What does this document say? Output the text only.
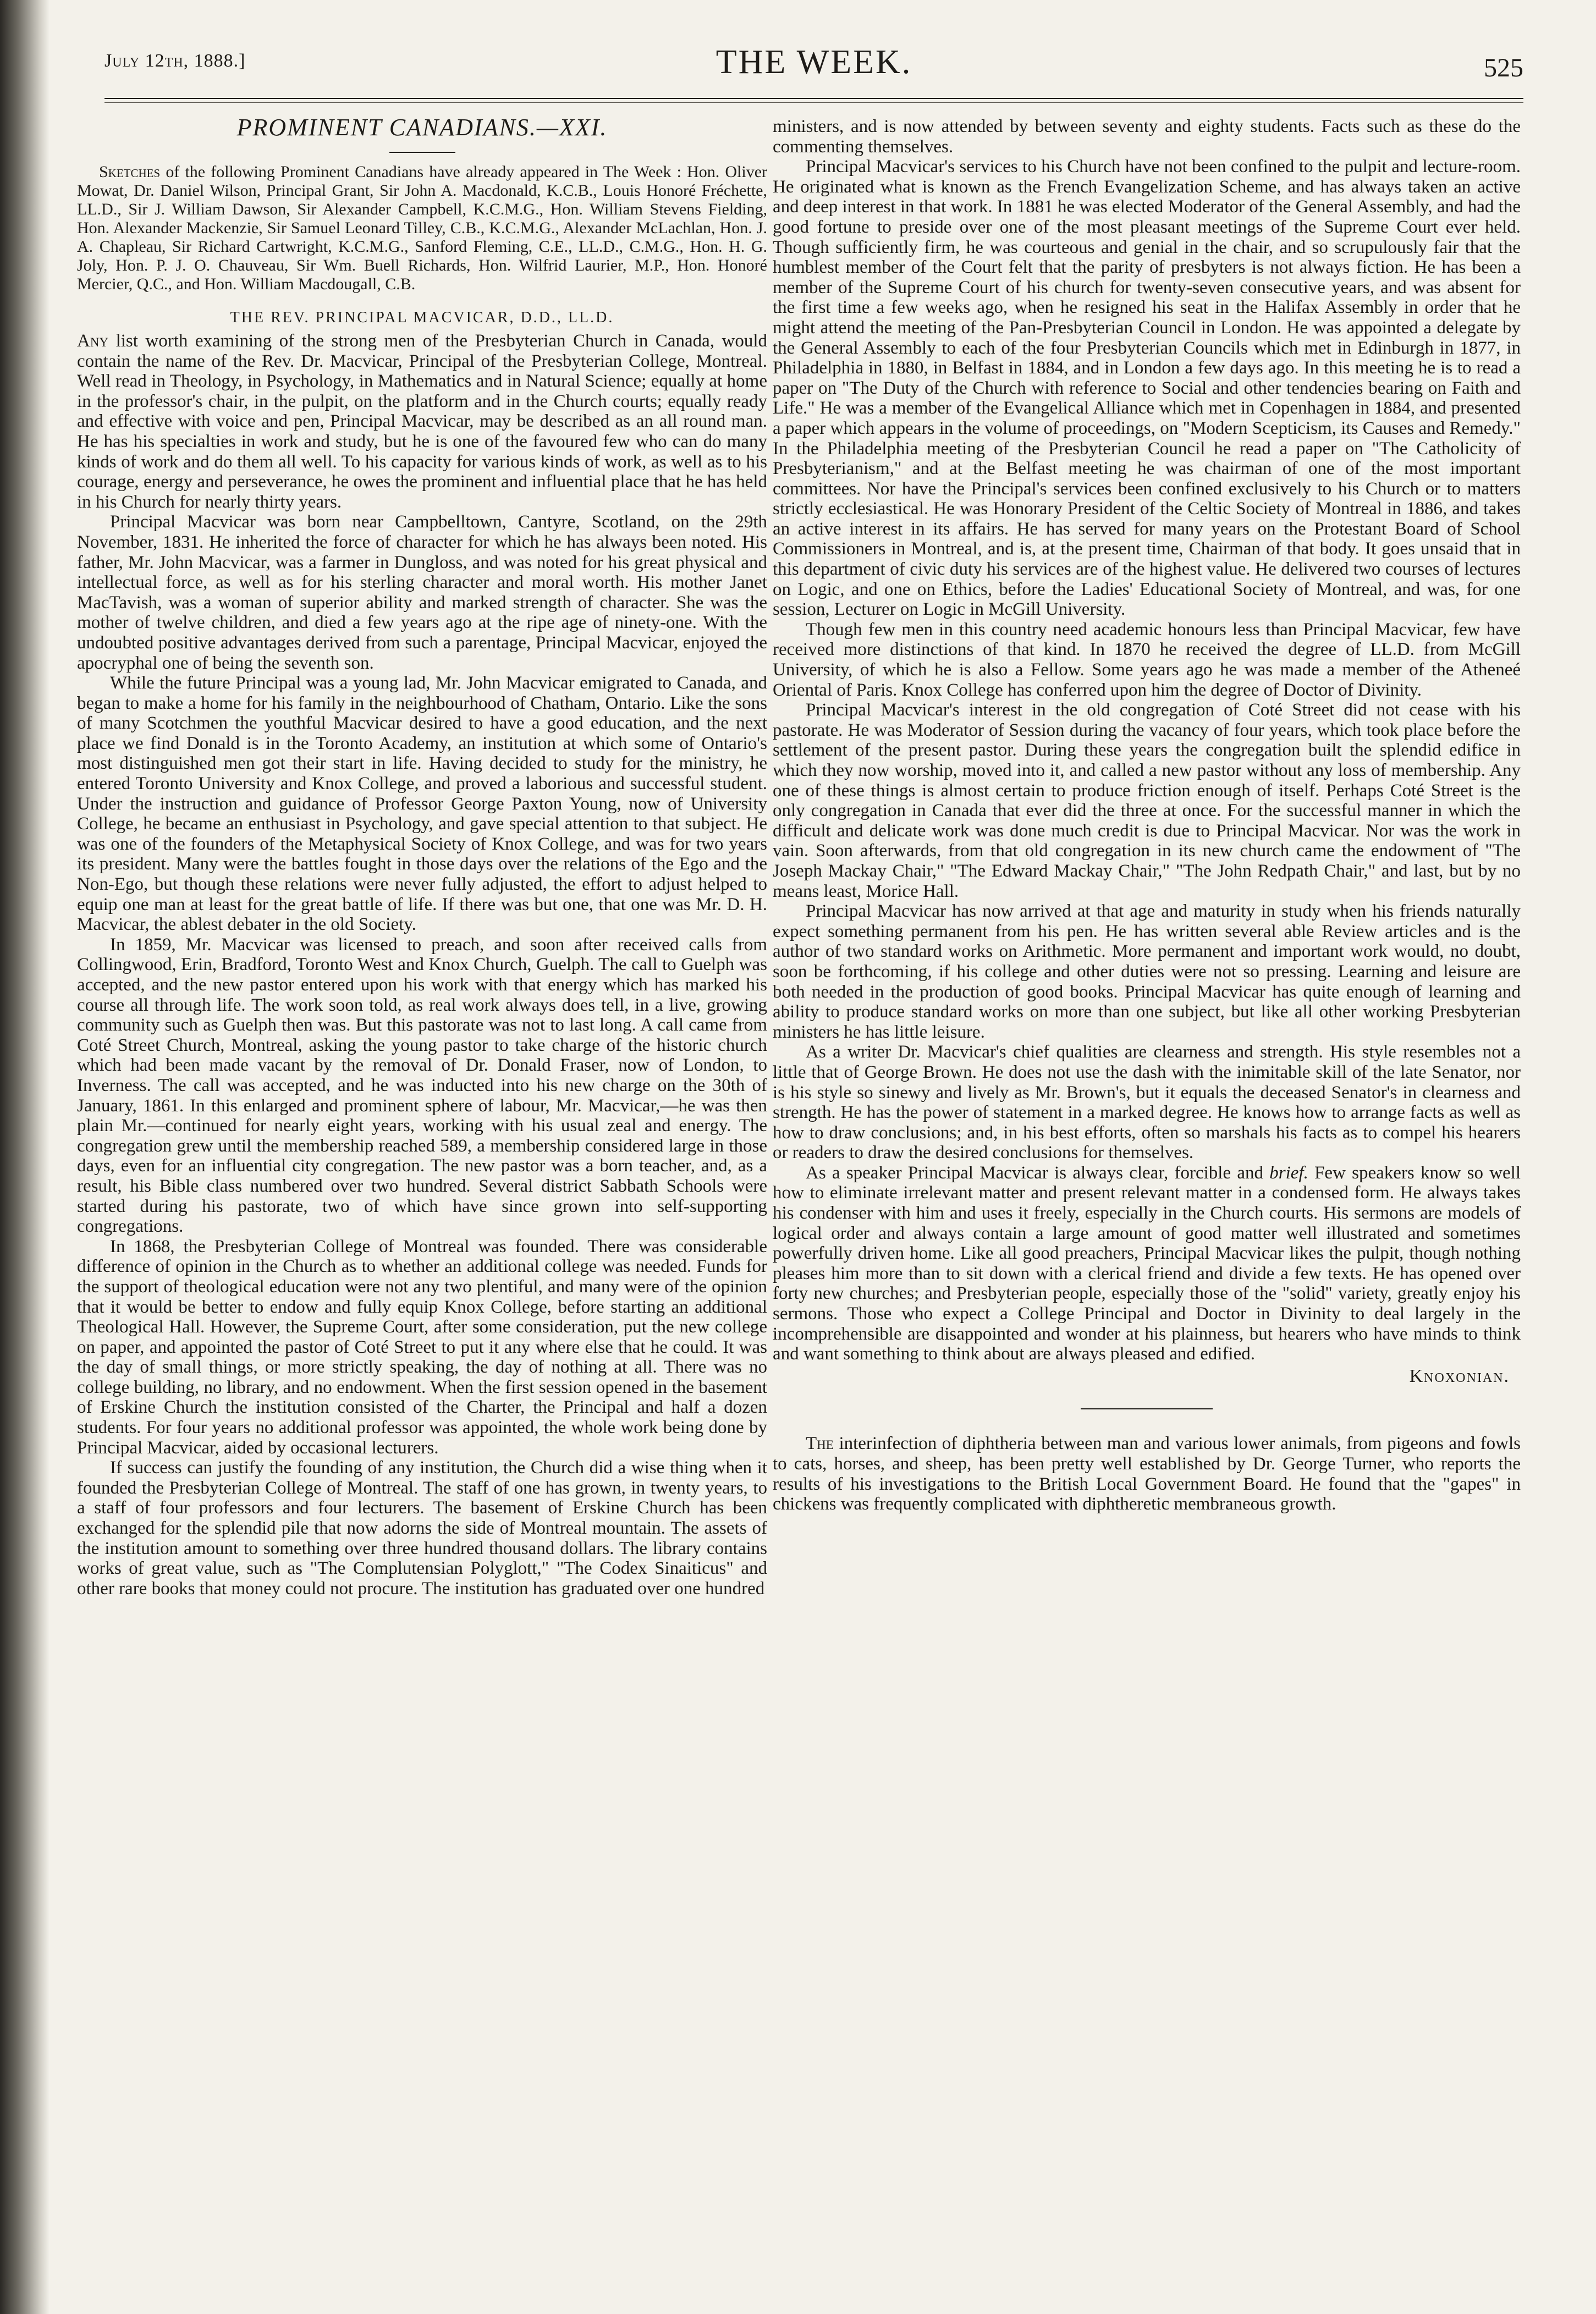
July 12th, 1888.]	THE WEEK.	525
PROMINENT CANADIANS.—XXI.

Sketches of the following Prominent Canadians have already appeared in The Week : Hon. Oliver Mowat, Dr. Daniel Wilson, Principal Grant, Sir John A. Macdonald, K.C.B., Louis Honoré Fréchette, LL.D., Sir J. William Dawson, Sir Alexander Campbell, K.C.M.G., Hon. William Stevens Fielding, Hon. Alexander Mackenzie, Sir Samuel Leonard Tilley, C.B., K.C.M.G., Alexander McLachlan, Hon. J. A. Chapleau, Sir Richard Cartwright, K.C.M.G., Sanford Fleming, C.E., LL.D., C.M.G., Hon. H. G. Joly, Hon. P. J. O. Chauveau, Sir Wm. Buell Richards, Hon. Wilfrid Laurier, M.P., Hon. Honoré Mercier, Q.C., and Hon. William Macdougall, C.B.

THE REV. PRINCIPAL MACVICAR, D.D., LL.D.

Any list worth examining of the strong men of the Presbyterian Church in Canada, would contain the name of the Rev. Dr. Macvicar, Principal of the Presbyterian College, Montreal. Well read in Theology, in Psychology, in Mathematics and in Natural Science; equally at home in the professor's chair, in the pulpit, on the platform and in the Church courts; equally ready and effective with voice and pen, Principal Macvicar, may be described as an all round man. He has his specialties in work and study, but he is one of the favoured few who can do many kinds of work and do them all well. To his capacity for various kinds of work, as well as to his courage, energy and perseverance, he owes the prominent and influential place that he has held in his Church for nearly thirty years.

Principal Macvicar was born near Campbelltown, Cantyre, Scotland, on the 29th November, 1831. He inherited the force of character for which he has always been noted. His father, Mr. John Macvicar, was a farmer in Dungloss, and was noted for his great physical and intellectual force, as well as for his sterling character and moral worth. His mother Janet MacTavish, was a woman of superior ability and marked strength of character. She was the mother of twelve children, and died a few years ago at the ripe age of ninety-one. With the undoubted positive advantages derived from such a parentage, Principal Macvicar, enjoyed the apocryphal one of being the seventh son.

While the future Principal was a young lad, Mr. John Macvicar emigrated to Canada, and began to make a home for his family in the neighbourhood of Chatham, Ontario. Like the sons of many Scotchmen the youthful Macvicar desired to have a good education, and the next place we find Donald is in the Toronto Academy, an institution at which some of Ontario's most distinguished men got their start in life. Having decided to study for the ministry, he entered Toronto University and Knox College, and proved a laborious and successful student. Under the instruction and guidance of Professor George Paxton Young, now of University College, he became an enthusiast in Psychology, and gave special attention to that subject. He was one of the founders of the Metaphysical Society of Knox College, and was for two years its president. Many were the battles fought in those days over the relations of the Ego and the Non-Ego, but though these relations were never fully adjusted, the effort to adjust helped to equip one man at least for the great battle of life. If there was but one, that one was Mr. D. H. Macvicar, the ablest debater in the old Society.

In 1859, Mr. Macvicar was licensed to preach, and soon after received calls from Collingwood, Erin, Bradford, Toronto West and Knox Church, Guelph. The call to Guelph was accepted, and the new pastor entered upon his work with that energy which has marked his course all through life. The work soon told, as real work always does tell, in a live, growing community such as Guelph then was. But this pastorate was not to last long. A call came from Coté Street Church, Montreal, asking the young pastor to take charge of the historic church which had been made vacant by the removal of Dr. Donald Fraser, now of London, to Inverness. The call was accepted, and he was inducted into his new charge on the 30th of January, 1861. In this enlarged and prominent sphere of labour, Mr. Macvicar,—he was then plain Mr.—continued for nearly eight years, working with his usual zeal and energy. The congregation grew until the membership reached 589, a membership considered large in those days, even for an influential city congregation. The new pastor was a born teacher, and, as a result, his Bible class numbered over two hundred. Several district Sabbath Schools were started during his pastorate, two of which have since grown into self-supporting congregations.

In 1868, the Presbyterian College of Montreal was founded. There was considerable difference of opinion in the Church as to whether an additional college was needed. Funds for the support of theological education were not any two plentiful, and many were of the opinion that it would be better to endow and fully equip Knox College, before starting an additional Theological Hall. However, the Supreme Court, after some consideration, put the new college on paper, and appointed the pastor of Coté Street to put it any where else that he could. It was the day of small things, or more strictly speaking, the day of nothing at all. There was no college building, no library, and no endowment. When the first session opened in the basement of Erskine Church the institution consisted of the Charter, the Principal and half a dozen students. For four years no additional professor was appointed, the whole work being done by Principal Macvicar, aided by occasional lecturers.

If success can justify the founding of any institution, the Church did a wise thing when it founded the Presbyterian College of Montreal. The staff of one has grown, in twenty years, to a staff of four professors and four lecturers. The basement of Erskine Church has been exchanged for the splendid pile that now adorns the side of Montreal mountain. The assets of the institution amount to something over three hundred thousand dollars. The library contains works of great value, such as "The Complutensian Polyglott," "The Codex Sinaiticus" and other rare books that money could not procure. The institution has graduated over one hundred

ministers, and is now attended by between seventy and eighty students. Facts such as these do the commenting themselves.

Principal Macvicar's services to his Church have not been confined to the pulpit and lecture-room. He originated what is known as the French Evangelization Scheme, and has always taken an active and deep interest in that work. In 1881 he was elected Moderator of the General Assembly, and had the good fortune to preside over one of the most pleasant meetings of the Supreme Court ever held. Though sufficiently firm, he was courteous and genial in the chair, and so scrupulously fair that the humblest member of the Court felt that the parity of presbyters is not always fiction. He has been a member of the Supreme Court of his church for twenty-seven consecutive years, and was absent for the first time a few weeks ago, when he resigned his seat in the Halifax Assembly in order that he might attend the meeting of the Pan-Presbyterian Council in London. He was appointed a delegate by the General Assembly to each of the four Presbyterian Councils which met in Edinburgh in 1877, in Philadelphia in 1880, in Belfast in 1884, and in London a few days ago. In this meeting he is to read a paper on "The Duty of the Church with reference to Social and other tendencies bearing on Faith and Life." He was a member of the Evangelical Alliance which met in Copenhagen in 1884, and presented a paper which appears in the volume of proceedings, on "Modern Scepticism, its Causes and Remedy." In the Philadelphia meeting of the Presbyterian Council he read a paper on "The Catholicity of Presbyterianism," and at the Belfast meeting he was chairman of one of the most important committees. Nor have the Principal's services been confined exclusively to his Church or to matters strictly ecclesiastical. He was Honorary President of the Celtic Society of Montreal in 1886, and takes an active interest in its affairs. He has served for many years on the Protestant Board of School Commissioners in Montreal, and is, at the present time, Chairman of that body. It goes unsaid that in this department of civic duty his services are of the highest value. He delivered two courses of lectures on Logic, and one on Ethics, before the Ladies' Educational Society of Montreal, and was, for one session, Lecturer on Logic in McGill University.

Though few men in this country need academic honours less than Principal Macvicar, few have received more distinctions of that kind. In 1870 he received the degree of LL.D. from McGill University, of which he is also a Fellow. Some years ago he was made a member of the Atheneé Oriental of Paris. Knox College has conferred upon him the degree of Doctor of Divinity.

Principal Macvicar's interest in the old congregation of Coté Street did not cease with his pastorate. He was Moderator of Session during the vacancy of four years, which took place before the settlement of the present pastor. During these years the congregation built the splendid edifice in which they now worship, moved into it, and called a new pastor without any loss of membership. Any one of these things is almost certain to produce friction enough of itself. Perhaps Coté Street is the only congregation in Canada that ever did the three at once. For the successful manner in which the difficult and delicate work was done much credit is due to Principal Macvicar. Nor was the work in vain. Soon afterwards, from that old congregation in its new church came the endowment of "The Joseph Mackay Chair," "The Edward Mackay Chair," "The John Redpath Chair," and last, but by no means least, Morice Hall.

Principal Macvicar has now arrived at that age and maturity in study when his friends naturally expect something permanent from his pen. He has written several able Review articles and is the author of two standard works on Arithmetic. More permanent and important work would, no doubt, soon be forthcoming, if his college and other duties were not so pressing. Learning and leisure are both needed in the production of good books. Principal Macvicar has quite enough of learning and ability to produce standard works on more than one subject, but like all other working Presbyterian ministers he has little leisure.

As a writer Dr. Macvicar's chief qualities are clearness and strength. His style resembles not a little that of George Brown. He does not use the dash with the inimitable skill of the late Senator, nor is his style so sinewy and lively as Mr. Brown's, but it equals the deceased Senator's in clearness and strength. He has the power of statement in a marked degree. He knows how to arrange facts as well as how to draw conclusions; and, in his best efforts, often so marshals his facts as to compel his hearers or readers to draw the desired conclusions for themselves.

As a speaker Principal Macvicar is always clear, forcible and brief. Few speakers know so well how to eliminate irrelevant matter and present relevant matter in a condensed form. He always takes his condenser with him and uses it freely, especially in the Church courts. His sermons are models of logical order and always contain a large amount of good matter well illustrated and sometimes powerfully driven home. Like all good preachers, Principal Macvicar likes the pulpit, though nothing pleases him more than to sit down with a clerical friend and divide a few texts. He has opened over forty new churches; and Presbyterian people, especially those of the "solid" variety, greatly enjoy his sermons. Those who expect a College Principal and Doctor in Divinity to deal largely in the incomprehensible are disappointed and wonder at his plainness, but hearers who have minds to think and want something to think about are always pleased and edified.

Knoxonian.

The interinfection of diphtheria between man and various lower animals, from pigeons and fowls to cats, horses, and sheep, has been pretty well established by Dr. George Turner, who reports the results of his investigations to the British Local Government Board. He found that the "gapes" in chickens was frequently complicated with diphtheretic membraneous growth.
